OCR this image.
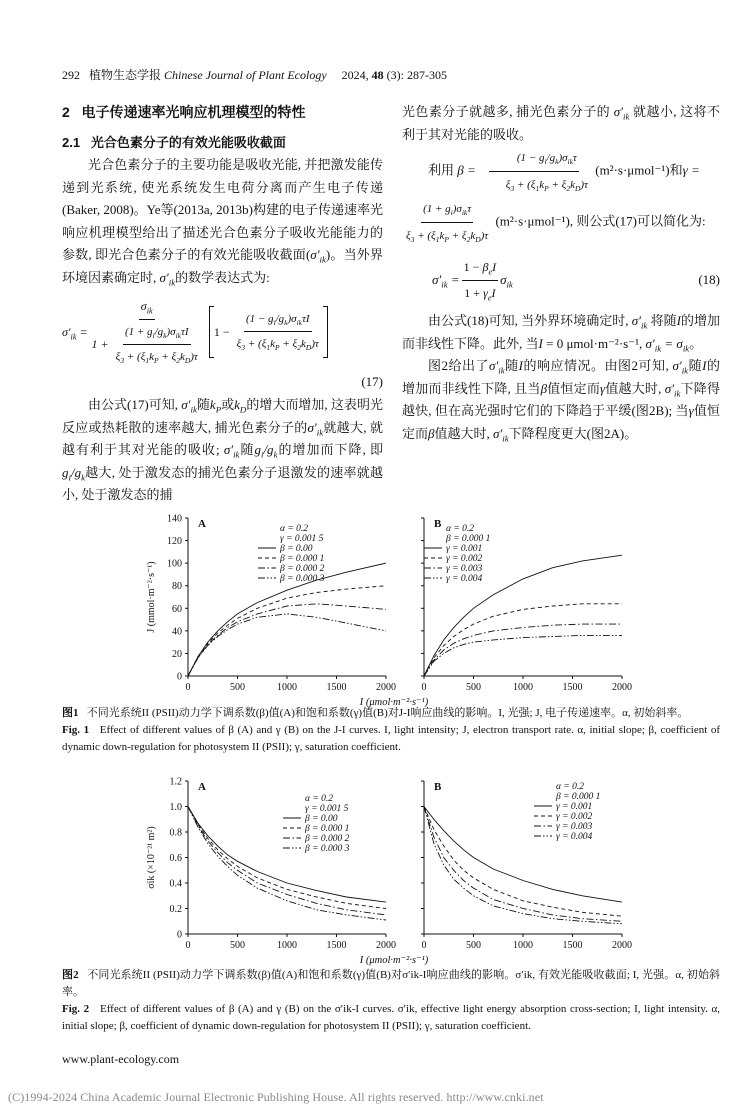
292 植物生态学报 Chinese Journal of Plant Ecology 2024, 48 (3): 287-305
2 电子传递速率光响应机理模型的特性
2.1 光合色素分子的有效光能吸收截面

光合色素分子的主要功能是吸收光能, 并把激发能传递到光系统, 使光系统发生电荷分离而产生电子传递(Baker, 2008)。Ye等(2013a, 2013b)构建的电子传递速率光响应机理模型给出了描述光合色素分子吸收光能能力的参数, 即光合色素分子的有效光能吸收截面$(\sigma'_{ik})$。当外界环境因素确定时, $\sigma'_{ik}$的数学表达式为:

$\sigma'_{ik} = \frac{\sigma_{ik}}{1 + \frac{(1 + g_i/g_k)\sigma_{ik}\tau I}{\xi_3 + (\xi_1k_P + \xi_2k_D)\tau}} 1 - \frac{(1 - g_i/g_k)\sigma_{ik}\tau I}{\xi_3 + (\xi_1k_P + \xi_2k_D)\tau}$
(17)

由公式(17)可知, $\sigma'_{ik}$随$k_P$或$k_D$的增大而增加, 这表明光反应或热耗散的速率越大, 捕光色素分子的$\sigma'_{ik}$就越大, 就越有利于其对光能的吸收; $\sigma'_{ik}$随$g_i/g_k$的增加而下降, 即$g_i/g_k$越大, 处于激发态的捕光色素分子退激发的速率就越小, 处于激发态的捕

光色素分子就越多, 捕光色素分子的 $\sigma'_{ik}$ 就越小, 这将不利于其对光能的吸收。

利用 $\beta = \frac{(1 - g_i/g_k)\sigma_{ik}\tau}{\xi_3 + (\xi_1k_P + \xi_2k_D)\tau} (m^2\cdot s\cdot\mu mol^{-1})$和γ =

$\frac{(1 + g_i)\sigma_{ik}\tau}{\xi_3 + (\xi_1k_P + \xi_2k_D)\tau} (m^2\cdot s\cdot\mu mol^{-1})$, 则公式(17)可以简化为:

$\sigma'_{ik} = \frac{1 - \beta_eI}{1 + \gamma_eI} \sigma_{ik}$	(18)

由公式(18)可知, 当外界环境确定时, $\sigma'_{ik}$ 将随I的增加而非线性下降。此外, 当I = 0 μmol·m⁻²·s⁻¹, $\sigma'_{ik} = \sigma_{ik}$。

图2给出了$\sigma'_{ik}$随I的响应情况。由图2可知, $\sigma'_{ik}$随I的增加而非线性下降, 且当β值恒定而γ值越大时, $\sigma'_{ik}$下降得越快, 但在高光强时它们的下降趋于平缓(图2B); 当γ值恒定而β值越大时, $\sigma'_{ik}$下降程度更大(图2A)。

0
20
40
60
80
100
120
140
0	500	1000	1500	2000
J (mmol·m⁻²·s⁻¹)
I (μmol·m⁻²·s⁻¹)
A	α = 0.2
γ = 0.001 5
β = 0.00
β = 0.000 1
β = 0.000 2
β = 0.000 3
0	500	1000	1500	2000
B α = 0.2
β = 0.000 1
γ = 0.001
γ = 0.002
γ = 0.003
γ = 0.004
图1 不同光系统II (PSII)动力学下调系数(β)值(A)和饱和系数(γ)值(B)对J-I响应曲线的影响。I, 光强; J, 电子传递速率。α, 初始斜率。
Fig. 1 Effect of different values of β (A) and γ (B) on the J-I curves. I, light intensity; J, electron transport rate. α, initial slope; β, coefficient of dynamic down-regulation for photosystem II (PSII); γ, saturation coefficient.
0
0.2
0.4
0.6
0.8
1.0
1.2
0	500	1000	1500	2000
σik (×10⁻²¹ m²)
I (μmol·m⁻²·s⁻¹)
A
α = 0.2
γ = 0.001 5
β = 0.00
β = 0.000 1
β = 0.000 2
β = 0.000 3
0	500	1000	1500	2000
B	α = 0.2
β = 0.000 1
γ = 0.001
γ = 0.002
γ = 0.003
γ = 0.004
图2 不同光系统II (PSII)动力学下调系数(β)值(A)和饱和系数(γ)值(B)对σ′ik-I响应曲线的影响。σ′ik, 有效光能吸收截面; I, 光强。α, 初始斜率。
Fig. 2 Effect of different values of β (A) and γ (B) on the σ′ik-I curves. σ′ik, effective light energy absorption cross-section; I, light intensity. α, initial slope; β, coefficient of dynamic down-regulation for photosystem II (PSII); γ, saturation coefficient.
www.plant-ecology.com
(C)1994-2024 China Academic Journal Electronic Publishing House. All rights reserved. http://www.cnki.net
